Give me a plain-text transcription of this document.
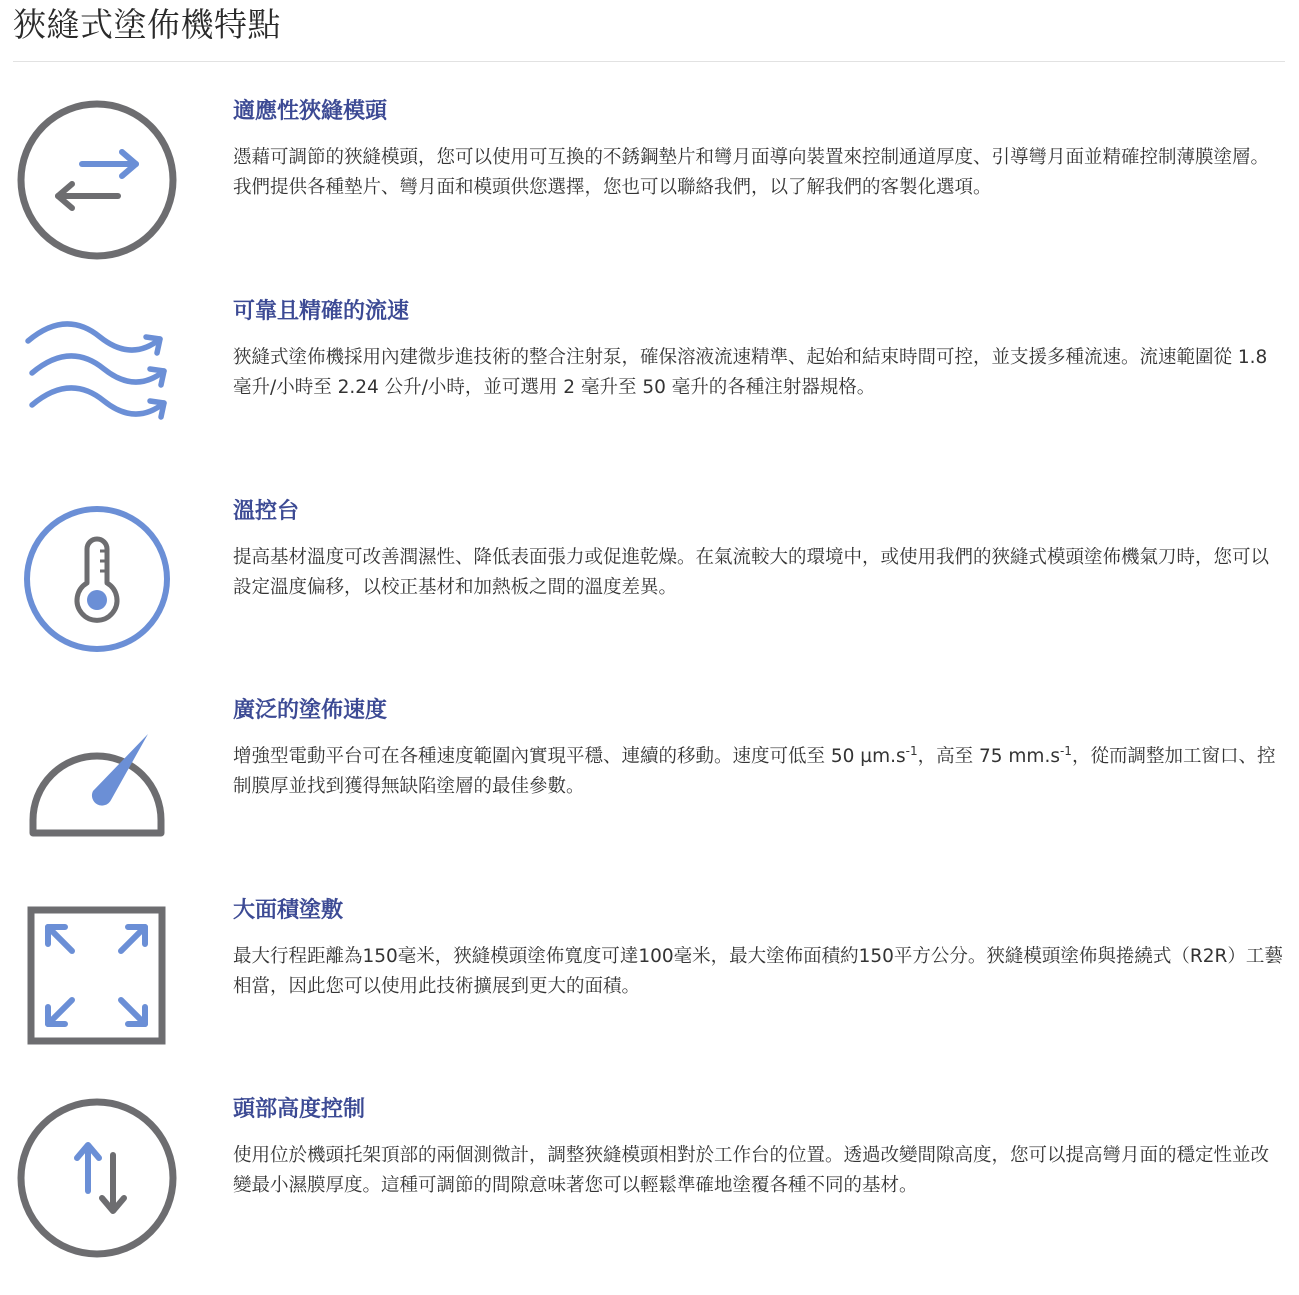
狹縫式塗佈機特點
適應性狹縫模頭

憑藉可調節的狹縫模頭，您可以使用可互換的不銹鋼墊片和彎月面導向裝置來控制通道厚度、引導彎月面並精確控制薄膜塗層。我們提供各種墊片、彎月面和模頭供您選擇，您也可以聯絡我們，以了解我們的客製化選項。

可靠且精確的流速

狹縫式塗佈機採用內建微步進技術的整合注射泵，確保溶液流速精準、起始和結束時間可控，並支援多種流速。流速範圍從 1.8 毫升/小時至 2.24 公升/小時，並可選用 2 毫升至 50 毫升的各種注射器規格。

溫控台

提高基材溫度可改善潤濕性、降低表面張力或促進乾燥。在氣流較大的環境中，或使用我們的狹縫式模頭塗佈機氣刀時，您可以設定溫度偏移，以校正基材和加熱板之間的溫度差異。

廣泛的塗佈速度

增強型電動平台可在各種速度範圍內實現平穩、連續的移動。速度可低至 50 $\mu m.s^{-1}$，高至 75 $mm.s^{-1}$，從而調整加工窗口、控制膜厚並找到獲得無缺陷塗層的最佳參數。

大面積塗敷

最大行程距離為150毫米，狹縫模頭塗佈寬度可達100毫米，最大塗佈面積約150平方公分。狹縫模頭塗佈與捲繞式（R2R）工藝相當，因此您可以使用此技術擴展到更大的面積。

頭部高度控制

使用位於機頭托架頂部的兩個測微計，調整狹縫模頭相對於工作台的位置。透過改變間隙高度，您可以提高彎月面的穩定性並改變最小濕膜厚度。這種可調節的間隙意味著您可以輕鬆準確地塗覆各種不同的基材。
